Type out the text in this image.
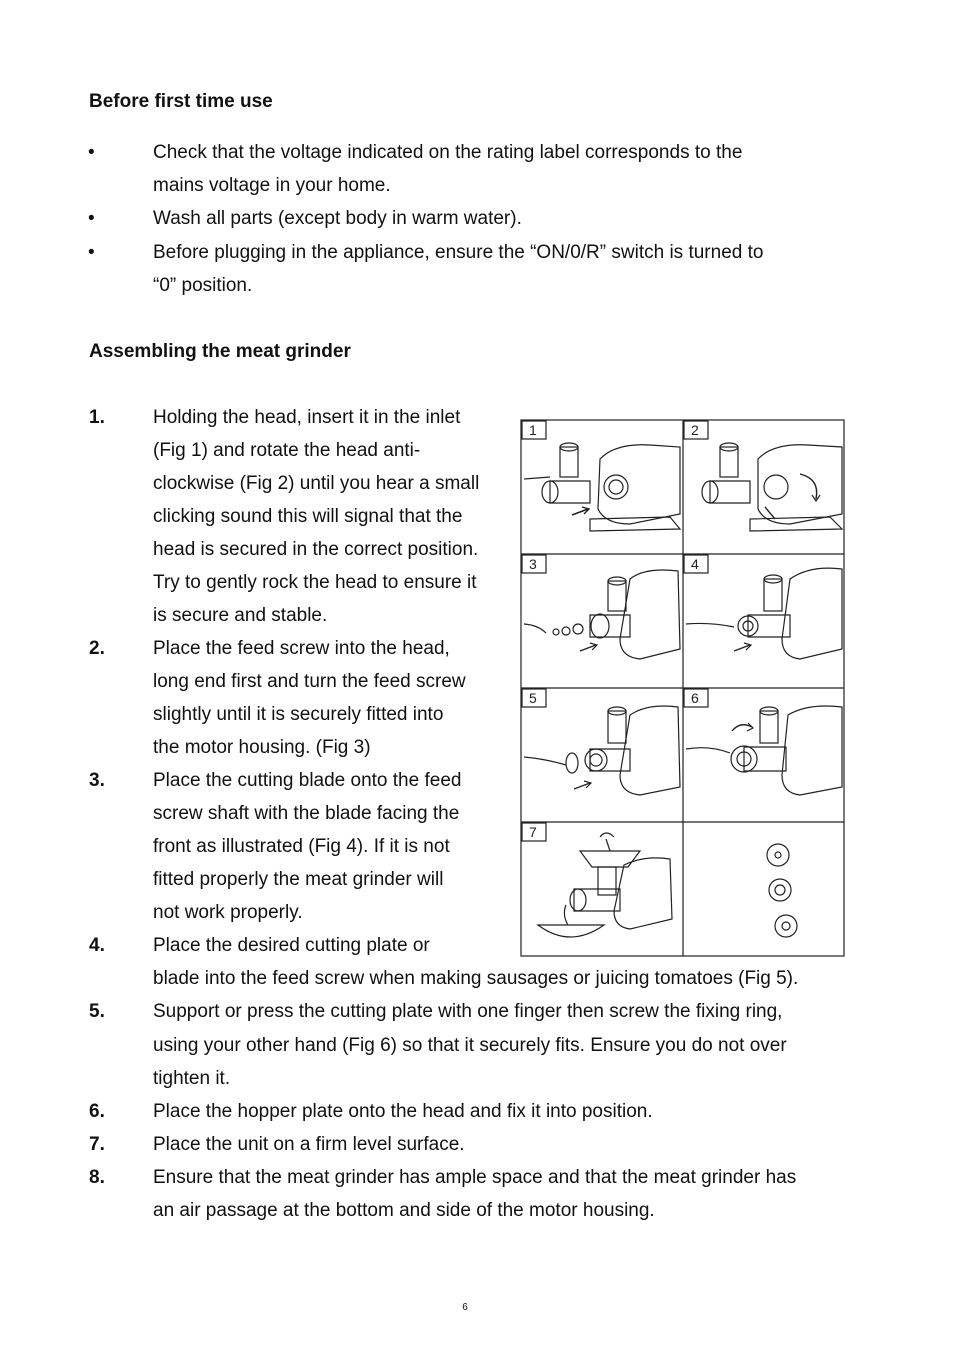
Before first time use
•	Check that the voltage indicated on the rating label corresponds to the
mains voltage in your home.
•	Wash all parts (except body in warm water).
•	Before plugging in the appliance, ensure the “ON/0/R” switch is turned to
“0” position.
Assembling the meat grinder
1.	Holding the head, insert it in the inlet
(Fig 1) and rotate the head anti-
clockwise (Fig 2) until you hear a small
clicking sound this will signal that the
head is secured in the correct position.
Try to gently rock the head to ensure it
is secure and stable.
2.	Place the feed screw into the head,
long end first and turn the feed screw
slightly until it is securely fitted into
the motor housing. (Fig 3)
3.	Place the cutting blade onto the feed
screw shaft with the blade facing the
front as illustrated (Fig 4). If it is not
fitted properly the meat grinder will
not work properly.
4.	Place the desired cutting plate or
blade into the feed screw when making sausages or juicing tomatoes (Fig 5).
5.	Support or press the cutting plate with one finger then screw the fixing ring,
using your other hand (Fig 6) so that it securely fits. Ensure you do not over
tighten it.
6.	Place the hopper plate onto the head and fix it into position.
7.	Place the unit on a firm level surface.
8.	Ensure that the meat grinder has ample space and that the meat grinder has
an air passage at the bottom and side of the motor housing.
1	2
3	4
5	6
7
6
